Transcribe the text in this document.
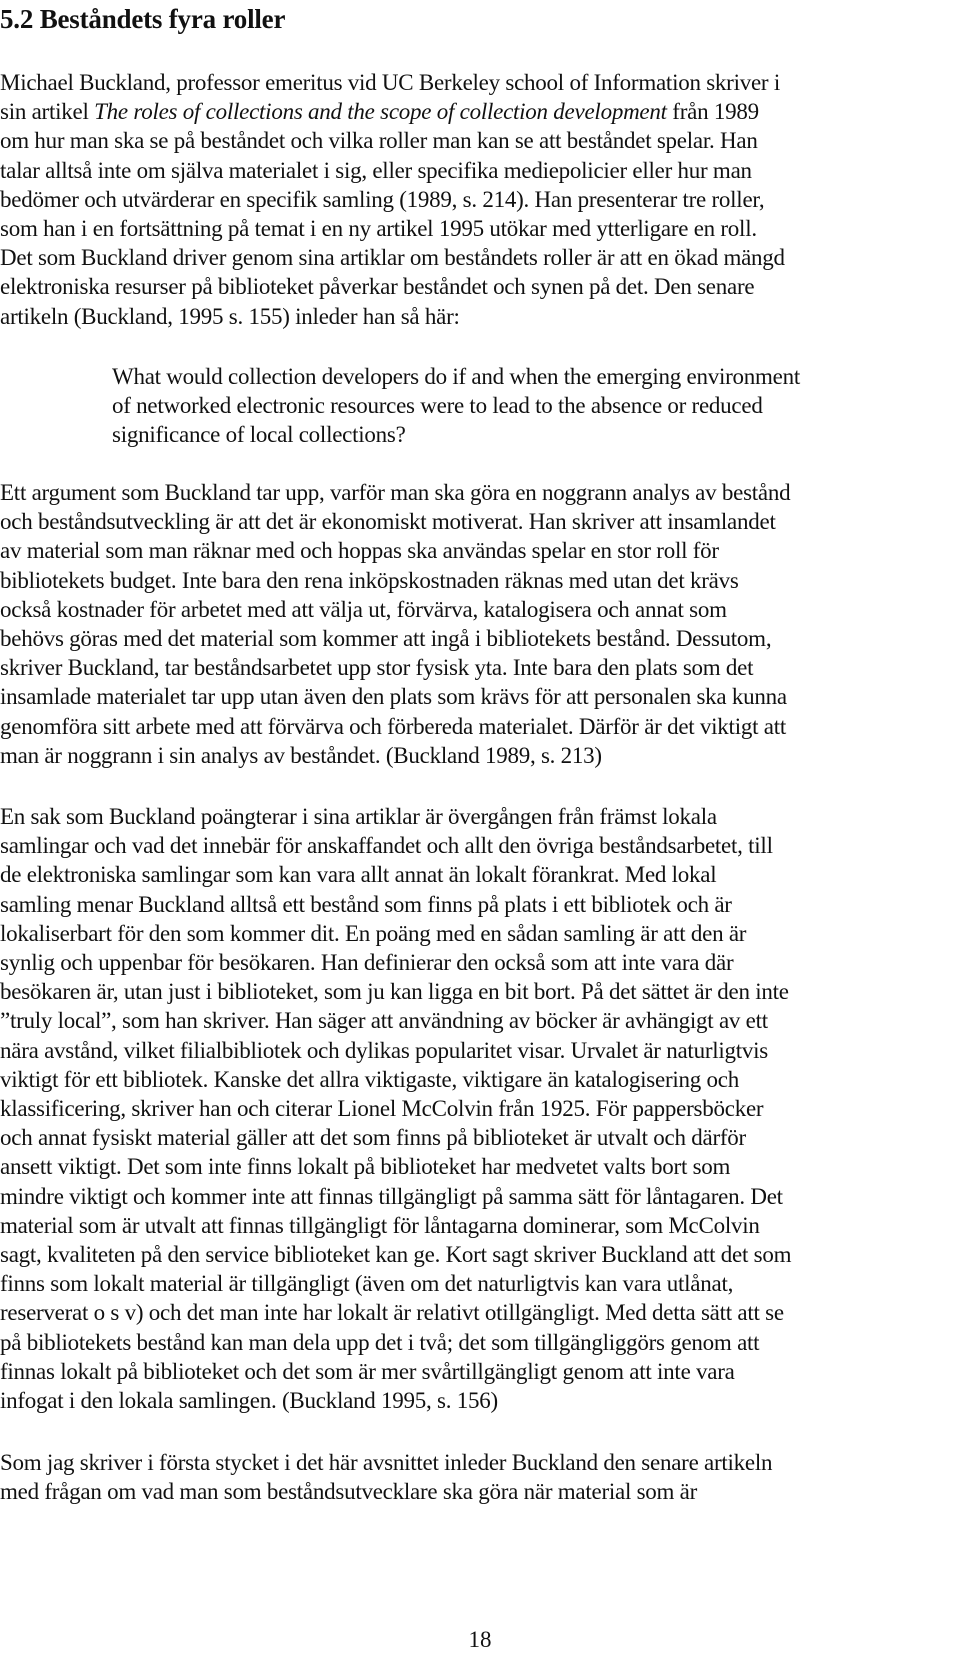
5.2 Beståndets fyra roller

Michael Buckland, professor emeritus vid UC Berkeley school of Information skriver i
sin artikel The roles of collections and the scope of collection development från 1989
om hur man ska se på beståndet och vilka roller man kan se att beståndet spelar. Han
talar alltså inte om själva materialet i sig, eller specifika mediepolicier eller hur man
bedömer och utvärderar en specifik samling (1989, s. 214). Han presenterar tre roller,
som han i en fortsättning på temat i en ny artikel 1995 utökar med ytterligare en roll.
Det som Buckland driver genom sina artiklar om beståndets roller är att en ökad mängd
elektroniska resurser på biblioteket påverkar beståndet och synen på det. Den senare
artikeln (Buckland, 1995 s. 155) inleder han så här:

What would collection developers do if and when the emerging environment
of networked electronic resources were to lead to the absence or reduced
significance of local collections?

Ett argument som Buckland tar upp, varför man ska göra en noggrann analys av bestånd
och beståndsutveckling är att det är ekonomiskt motiverat. Han skriver att insamlandet
av material som man räknar med och hoppas ska användas spelar en stor roll för
bibliotekets budget. Inte bara den rena inköpskostnaden räknas med utan det krävs
också kostnader för arbetet med att välja ut, förvärva, katalogisera och annat som
behövs göras med det material som kommer att ingå i bibliotekets bestånd. Dessutom,
skriver Buckland, tar beståndsarbetet upp stor fysisk yta. Inte bara den plats som det
insamlade materialet tar upp utan även den plats som krävs för att personalen ska kunna
genomföra sitt arbete med att förvärva och förbereda materialet. Därför är det viktigt att
man är noggrann i sin analys av beståndet. (Buckland 1989, s. 213)

En sak som Buckland poängterar i sina artiklar är övergången från främst lokala
samlingar och vad det innebär för anskaffandet och allt den övriga beståndsarbetet, till
de elektroniska samlingar som kan vara allt annat än lokalt förankrat. Med lokal
samling menar Buckland alltså ett bestånd som finns på plats i ett bibliotek och är
lokaliserbart för den som kommer dit. En poäng med en sådan samling är att den är
synlig och uppenbar för besökaren. Han definierar den också som att inte vara där
besökaren är, utan just i biblioteket, som ju kan ligga en bit bort. På det sättet är den inte
”truly local”, som han skriver. Han säger att användning av böcker är avhängigt av ett
nära avstånd, vilket filialbibliotek och dylikas popularitet visar. Urvalet är naturligtvis
viktigt för ett bibliotek. Kanske det allra viktigaste, viktigare än katalogisering och
klassificering, skriver han och citerar Lionel McColvin från 1925. För pappersböcker
och annat fysiskt material gäller att det som finns på biblioteket är utvalt och därför
ansett viktigt. Det som inte finns lokalt på biblioteket har medvetet valts bort som
mindre viktigt och kommer inte att finnas tillgängligt på samma sätt för låntagaren. Det
material som är utvalt att finnas tillgängligt för låntagarna dominerar, som McColvin
sagt, kvaliteten på den service biblioteket kan ge. Kort sagt skriver Buckland att det som
finns som lokalt material är tillgängligt (även om det naturligtvis kan vara utlånat,
reserverat o s v) och det man inte har lokalt är relativt otillgängligt. Med detta sätt att se
på bibliotekets bestånd kan man dela upp det i två; det som tillgängliggörs genom att
finnas lokalt på biblioteket och det som är mer svårtillgängligt genom att inte vara
infogat i den lokala samlingen. (Buckland 1995, s. 156)

Som jag skriver i första stycket i det här avsnittet inleder Buckland den senare artikeln
med frågan om vad man som beståndsutvecklare ska göra när material som är

18
